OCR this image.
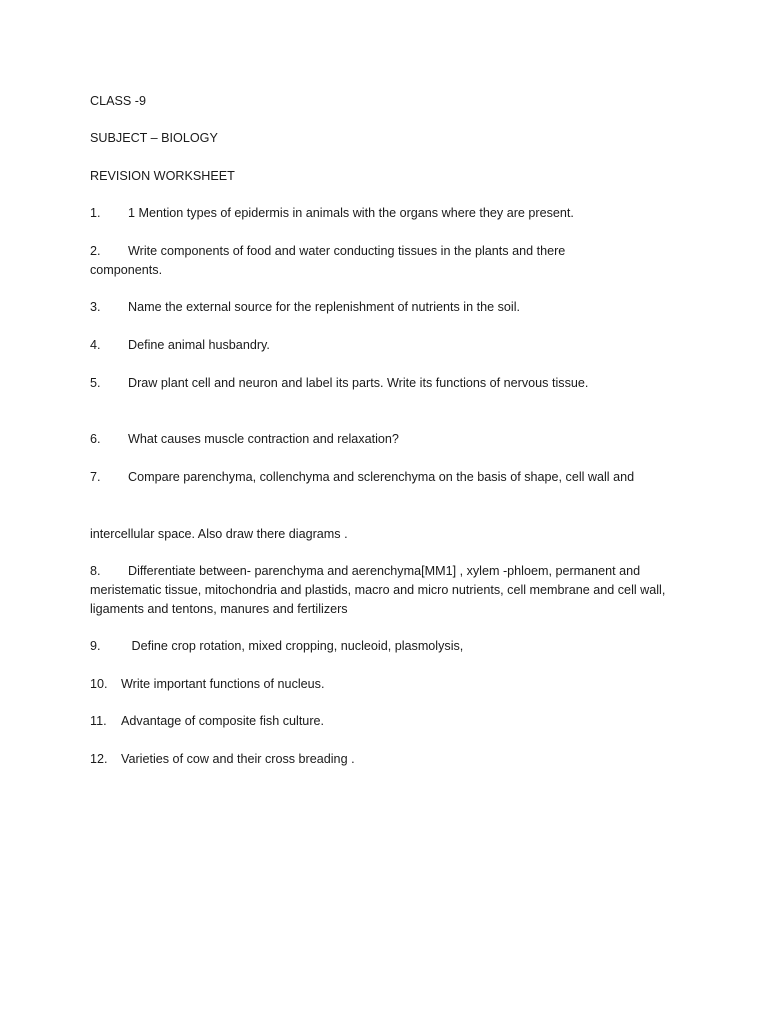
CLASS -9
SUBJECT – BIOLOGY
REVISION WORKSHEET
1. 1 Mention types of epidermis in animals with the organs where they are present.
2. Write components of food and water conducting tissues in the plants and there components.
3. Name the external source for the replenishment of nutrients in the soil.
4. Define animal husbandry.
5. Draw plant cell and neuron and label its parts. Write its functions of nervous tissue.
6. What causes muscle contraction and relaxation?
7. Compare parenchyma, collenchyma and sclerenchyma on the basis of shape, cell wall and
intercellular space. Also draw there diagrams .
8. Differentiate between- parenchyma and aerenchyma[MM1] , xylem -phloem, permanent and meristematic tissue, mitochondria and plastids, macro and micro nutrients, cell membrane and cell wall, ligaments and tentons, manures and fertilizers
9. Define crop rotation, mixed cropping, nucleoid, plasmolysis,
10. Write important functions of nucleus.
11. Advantage of composite fish culture.
12. Varieties of cow and their cross breading .
